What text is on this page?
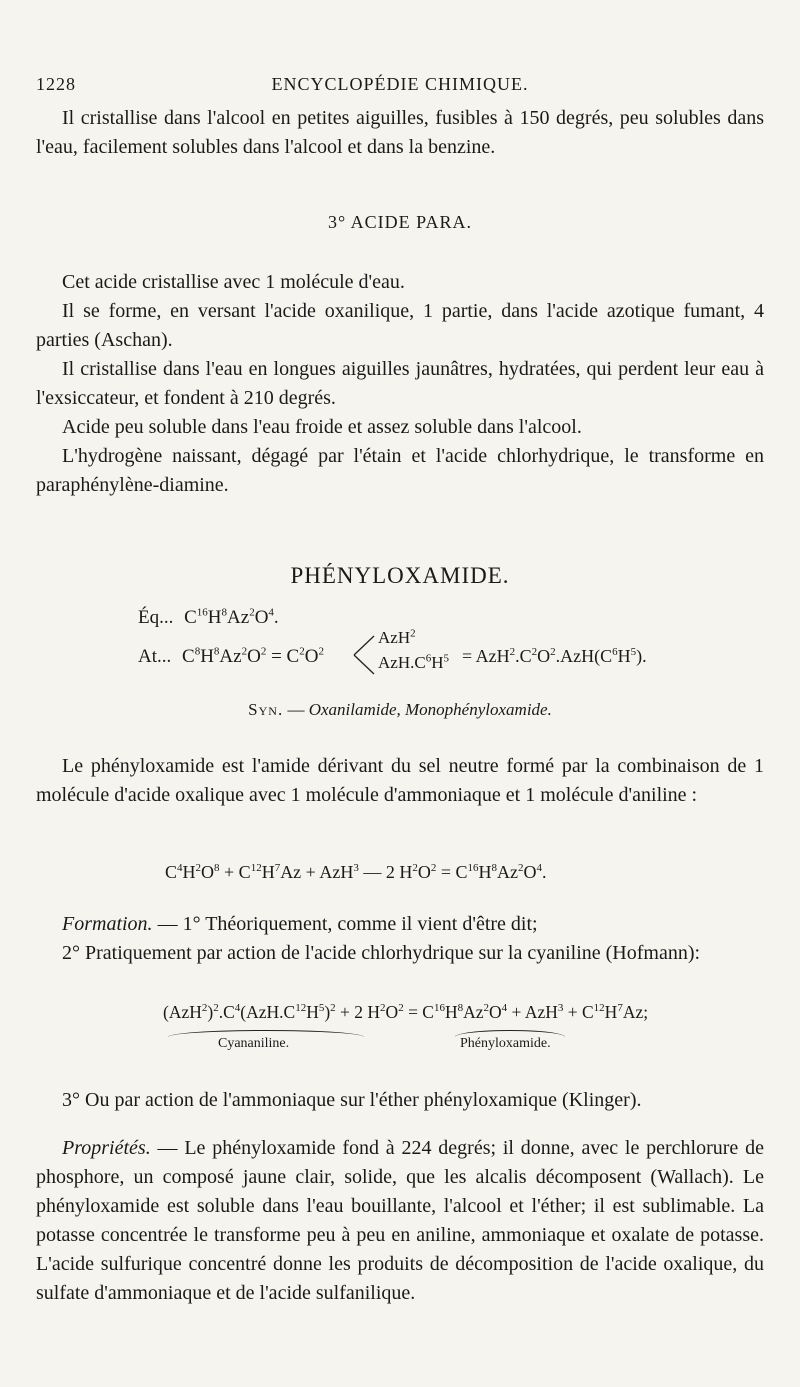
1228	ENCYCLOPÉDIE CHIMIQUE.
Il cristallise dans l'alcool en petites aiguilles, fusibles à 150 degrés, peu solubles dans l'eau, facilement solubles dans l'alcool et dans la benzine.
3° ACIDE PARA.
Cet acide cristallise avec 1 molécule d'eau.
Il se forme, en versant l'acide oxanilique, 1 partie, dans l'acide azotique fumant, 4 parties (Aschan).
Il cristallise dans l'eau en longues aiguilles jaunâtres, hydratées, qui perdent leur eau à l'exsiccateur, et fondent à 210 degrés.
Acide peu soluble dans l'eau froide et assez soluble dans l'alcool.
L'hydrogène naissant, dégagé par l'étain et l'acide chlorhydrique, le transforme en paraphénylène-diamine.
PHÉNYLOXAMIDE.
Éq... $C^{16}H^8Az^2O^4$.
At... $C^8H^8Az^2O^2 = C^2O^2$
AzH$^2$
$AzH.C^6H^5 = AzH^2.C^2O^2.AzH(C^6H^5)$.
Syn. — Oxanilamide, Monophényloxamide.
Le phényloxamide est l'amide dérivant du sel neutre formé par la combinaison de 1 molécule d'acide oxalique avec 1 molécule d'ammoniaque et 1 molécule d'aniline :
$C^4H^2O^8 + C^{12}H^7Az + AzH^3$ — 2 $H^2O^2 = C^{16}H^8Az^2O^4$.
Formation. — 1° Théoriquement, comme il vient d'être dit;
2° Pratiquement par action de l'acide chlorhydrique sur la cyaniline (Hofmann):
$(AzH^2)^2.C^4(AzH.C^{12}H^5)^2 + 2$ $H^2O^2 = C^{16}H^8Az^2O^4 + AzH^3 + C^{12}H^7Az$;
Cyananiline.	Phényloxamide.
3° Ou par action de l'ammoniaque sur l'éther phényloxamique (Klinger).
Propriétés. — Le phényloxamide fond à 224 degrés; il donne, avec le perchlorure de phosphore, un composé jaune clair, solide, que les alcalis décomposent (Wallach). Le phényloxamide est soluble dans l'eau bouillante, l'alcool et l'éther; il est sublimable. La potasse concentrée le transforme peu à peu en aniline, ammoniaque et oxalate de potasse. L'acide sulfurique concentré donne les produits de décomposition de l'acide oxalique, du sulfate d'ammoniaque et de l'acide sulfanilique.
